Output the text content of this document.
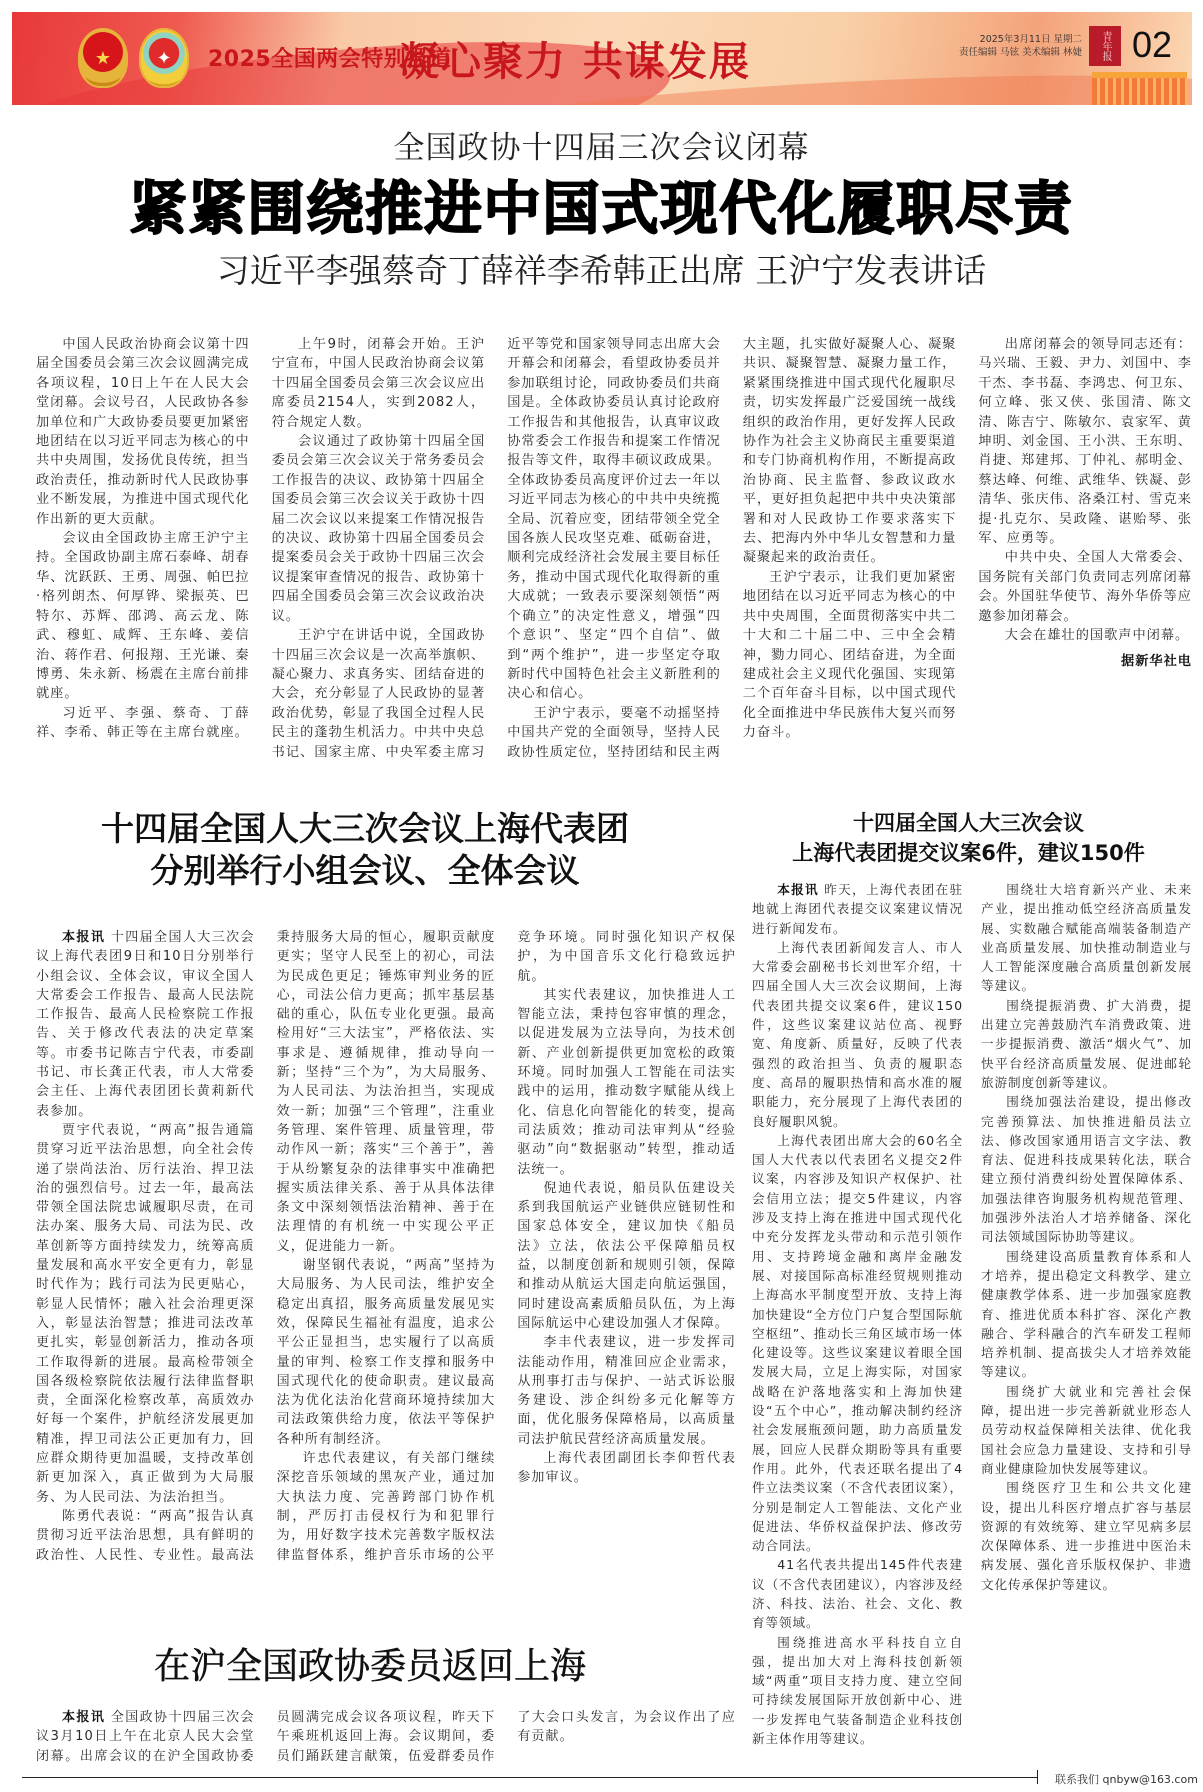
★	✦	2025全国两会特别报道
凝心聚力 共谋发展	2025年3月11日 星期二
责任编辑 马铉 美术编辑 林婕	青年报 02
全国政协十四届三次会议闭幕
紧紧围绕推进中国式现代化履职尽责
习近平李强蔡奇丁薛祥李希韩正出席 王沪宁发表讲话

中国人民政治协商会议第十四届全国委员会第三次会议圆满完成各项议程，10日上午在人民大会堂闭幕。会议号召，人民政协各参加单位和广大政协委员要更加紧密地团结在以习近平同志为核心的中共中央周围，发扬优良传统，担当政治责任，推动新时代人民政协事业不断发展，为推进中国式现代化作出新的更大贡献。

会议由全国政协主席王沪宁主持。全国政协副主席石泰峰、胡春华、沈跃跃、王勇、周强、帕巴拉·格列朗杰、何厚铧、梁振英、巴特尔、苏辉、邵鸿、高云龙、陈武、穆虹、咸辉、王东峰、姜信治、蒋作君、何报翔、王光谦、秦博勇、朱永新、杨震在主席台前排就座。

习近平、李强、蔡奇、丁薛祥、李希、韩正等在主席台就座。

上午9时，闭幕会开始。王沪宁宣布，中国人民政治协商会议第十四届全国委员会第三次会议应出席委员2154人，实到2082人，符合规定人数。

会议通过了政协第十四届全国委员会第三次会议关于常务委员会工作报告的决议、政协第十四届全国委员会第三次会议关于政协十四届二次会议以来提案工作情况报告的决议、政协第十四届全国委员会提案委员会关于政协十四届三次会议提案审查情况的报告、政协第十四届全国委员会第三次会议政治决议。

王沪宁在讲话中说，全国政协十四届三次会议是一次高举旗帜、凝心聚力、求真务实、团结奋进的大会，充分彰显了人民政协的显著政治优势，彰显了我国全过程人民民主的蓬勃生机活力。中共中央总书记、国家主席、中央军委主席习近平等党和国家领导同志出席大会开幕会和闭幕会，看望政协委员并参加联组讨论，同政协委员们共商国是。全体政协委员认真讨论政府工作报告和其他报告，认真审议政协常委会工作报告和提案工作情况报告等文件，取得丰硕议政成果。全体政协委员高度评价过去一年以习近平同志为核心的中共中央统揽全局、沉着应变，团结带领全党全国各族人民攻坚克难、砥砺奋进，顺利完成经济社会发展主要目标任务，推动中国式现代化取得新的重大成就；一致表示要深刻领悟“两个确立”的决定性意义，增强“四个意识”、坚定“四个自信”、做到“两个维护”，进一步坚定夺取新时代中国特色社会主义新胜利的决心和信心。

王沪宁表示，要毫不动摇坚持中国共产党的全面领导，坚持人民政协性质定位，坚持团结和民主两大主题，扎实做好凝聚人心、凝聚共识、凝聚智慧、凝聚力量工作，紧紧围绕推进中国式现代化履职尽责，切实发挥最广泛爱国统一战线组织的政治作用，更好发挥人民政协作为社会主义协商民主重要渠道和专门协商机构作用，不断提高政治协商、民主监督、参政议政水平，更好担负起把中共中央决策部署和对人民政协工作要求落实下去、把海内外中华儿女智慧和力量凝聚起来的政治责任。

王沪宁表示，让我们更加紧密地团结在以习近平同志为核心的中共中央周围，全面贯彻落实中共二十大和二十届二中、三中全会精神，勠力同心、团结奋进，为全面建成社会主义现代化强国、实现第二个百年奋斗目标，以中国式现代化全面推进中华民族伟大复兴而努力奋斗。

出席闭幕会的领导同志还有：马兴瑞、王毅、尹力、刘国中、李干杰、李书磊、李鸿忠、何卫东、何立峰、张又侠、张国清、陈文清、陈吉宁、陈敏尔、袁家军、黄坤明、刘金国、王小洪、王东明、肖捷、郑建邦、丁仲礼、郝明金、蔡达峰、何维、武维华、铁凝、彭清华、张庆伟、洛桑江村、雪克来提·扎克尔、吴政隆、谌贻琴、张军、应勇等。

中共中央、全国人大常委会、国务院有关部门负责同志列席闭幕会。外国驻华使节、海外华侨等应邀参加闭幕会。

大会在雄壮的国歌声中闭幕。

据新华社电
十四届全国人大三次会议上海代表团
分别举行小组会议、全体会议

本报讯 十四届全国人大三次会议上海代表团9日和10日分别举行小组会议、全体会议，审议全国人大常委会工作报告、最高人民法院工作报告、最高人民检察院工作报告、关于修改代表法的决定草案等。市委书记陈吉宁代表，市委副书记、市长龚正代表，市人大常委会主任、上海代表团团长黄莉新代表参加。

贾宇代表说，“两高”报告通篇贯穿习近平法治思想，向全社会传递了崇尚法治、厉行法治、捍卫法治的强烈信号。过去一年，最高法带领全国法院忠诚履职尽责，在司法办案、服务大局、司法为民、改革创新等方面持续发力，统筹高质量发展和高水平安全更有力，彰显时代作为；践行司法为民更贴心，彰显人民情怀；融入社会治理更深入，彰显法治智慧；推进司法改革更扎实，彰显创新活力，推动各项工作取得新的进展。最高检带领全国各级检察院依法履行法律监督职责，全面深化检察改革，高质效办好每一个案件，护航经济发展更加精准，捍卫司法公正更加有力，回应群众期待更加温暖，支持改革创新更加深入，真正做到为大局服务、为人民司法、为法治担当。

陈勇代表说：“两高”报告认真贯彻习近平法治思想，具有鲜明的政治性、人民性、专业性。最高法秉持服务大局的恒心，履职贡献度更实；坚守人民至上的初心，司法为民成色更足；锤炼审判业务的匠心，司法公信力更高；抓牢基层基础的重心，队伍专业化更强。最高检用好“三大法宝”，严格依法、实事求是、遵循规律，推动导向一新；坚持“三个为”，为大局服务、为人民司法、为法治担当，实现成效一新；加强“三个管理”，注重业务管理、案件管理、质量管理，带动作风一新；落实“三个善于”，善于从纷繁复杂的法律事实中准确把握实质法律关系、善于从具体法律条文中深刻领悟法治精神、善于在法理情的有机统一中实现公平正义，促进能力一新。

谢坚钢代表说，“两高”坚持为大局服务、为人民司法，维护安全稳定出真招，服务高质量发展见实效，保障民生福祉有温度，追求公平公正显担当，忠实履行了以高质量的审判、检察工作支撑和服务中国式现代化的使命职责。建议最高法为优化法治化营商环境持续加大司法政策供给力度，依法平等保护各种所有制经济。

许忠代表建议，有关部门继续深挖音乐领域的黑灰产业，通过加大执法力度、完善跨部门协作机制，严厉打击侵权行为和犯罪行为，用好数字技术完善数字版权法律监督体系，维护音乐市场的公平竞争环境。同时强化知识产权保护，为中国音乐文化行稳致远护航。

其实代表建议，加快推进人工智能立法，秉持包容审慎的理念，以促进发展为立法导向，为技术创新、产业创新提供更加宽松的政策环境。同时加强人工智能在司法实践中的运用，推动数字赋能从线上化、信息化向智能化的转变，提高司法质效；推动司法审判从“经验驱动”向“数据驱动”转型，推动适法统一。

倪迪代表说，船员队伍建设关系到我国航运产业链供应链韧性和国家总体安全，建议加快《船员法》立法，依法公平保障船员权益，以制度创新和规则引领，保障和推动从航运大国走向航运强国，同时建设高素质船员队伍，为上海国际航运中心建设加强人才保障。

李丰代表建议，进一步发挥司法能动作用，精准回应企业需求，从刑事打击与保护、一站式诉讼服务建设、涉企纠纷多元化解等方面，优化服务保障格局，以高质量司法护航民营经济高质量发展。

上海代表团副团长李仰哲代表参加审议。

在沪全国政协委员返回上海

本报讯 全国政协十四届三次会议3月10日上午在北京人民大会堂闭幕。出席会议的在沪全国政协委员圆满完成会议各项议程，昨天下午乘班机返回上海。会议期间，委员们踊跃建言献策，伍爱群委员作了大会口头发言，为会议作出了应有贡献。

十四届全国人大三次会议
上海代表团提交议案6件，建议150件

本报讯 昨天，上海代表团在驻地就上海团代表提交议案建议情况进行新闻发布。

上海代表团新闻发言人、市人大常委会副秘书长刘世军介绍，十四届全国人大三次会议期间，上海代表团共提交议案6件，建议150件，这些议案建议站位高、视野宽、角度新、质量好，反映了代表强烈的政治担当、负责的履职态度、高昂的履职热情和高水准的履职能力，充分展现了上海代表团的良好履职风貌。

上海代表团出席大会的60名全国人大代表以代表团名义提交2件议案，内容涉及知识产权保护、社会信用立法；提交5件建议，内容涉及支持上海在推进中国式现代化中充分发挥龙头带动和示范引领作用、支持跨境金融和离岸金融发展、对接国际高标准经贸规则推动上海高水平制度型开放、支持上海加快建设“全方位门户复合型国际航空枢纽”、推动长三角区域市场一体化建设等。这些议案建议着眼全国发展大局，立足上海实际，对国家战略在沪落地落实和上海加快建设“五个中心”，推动解决制约经济社会发展瓶颈问题，助力高质量发展，回应人民群众期盼等具有重要作用。此外，代表还联名提出了4件立法类议案（不含代表团议案），分别是制定人工智能法、文化产业促进法、华侨权益保护法、修改劳动合同法。

41名代表共提出145件代表建议（不含代表团建议），内容涉及经济、科技、法治、社会、文化、教育等领域。

围绕推进高水平科技自立自强，提出加大对上海科技创新领域“两重”项目支持力度、建立空间可持续发展国际开放创新中心、进一步发挥电气装备制造企业科技创新主体作用等建议。

围绕壮大培育新兴产业、未来产业，提出推动低空经济高质量发展、实数融合赋能高端装备制造产业高质量发展、加快推动制造业与人工智能深度融合高质量创新发展等建议。

围绕提振消费、扩大消费，提出建立完善鼓励汽车消费政策、进一步提振消费、激活“烟火气”、加快平台经济高质量发展、促进邮轮旅游制度创新等建议。

围绕加强法治建设，提出修改完善预算法、加快推进船员法立法、修改国家通用语言文字法、教育法、促进科技成果转化法，联合建立预付消费纠纷处置保障体系、加强法律咨询服务机构规范管理、加强涉外法治人才培养储备、深化司法领域国际协助等建议。

围绕建设高质量教育体系和人才培养，提出稳定文科教学、建立健康教学体系、进一步加强家庭教育、推进优质本科扩容、深化产教融合、学科融合的汽车研发工程师培养机制、提高拔尖人才培养效能等建议。

围绕扩大就业和完善社会保障，提出进一步完善新就业形态人员劳动权益保障相关法律、优化我国社会应急力量建设、支持和引导商业健康险加快发展等建议。

围绕医疗卫生和公共文化建设，提出儿科医疗增点扩容与基层资源的有效统筹、建立罕见病多层次保障体系、进一步推进中医治未病发展、强化音乐版权保护、非遗文化传承保护等建议。

联系我们 qnbyw@163.com
